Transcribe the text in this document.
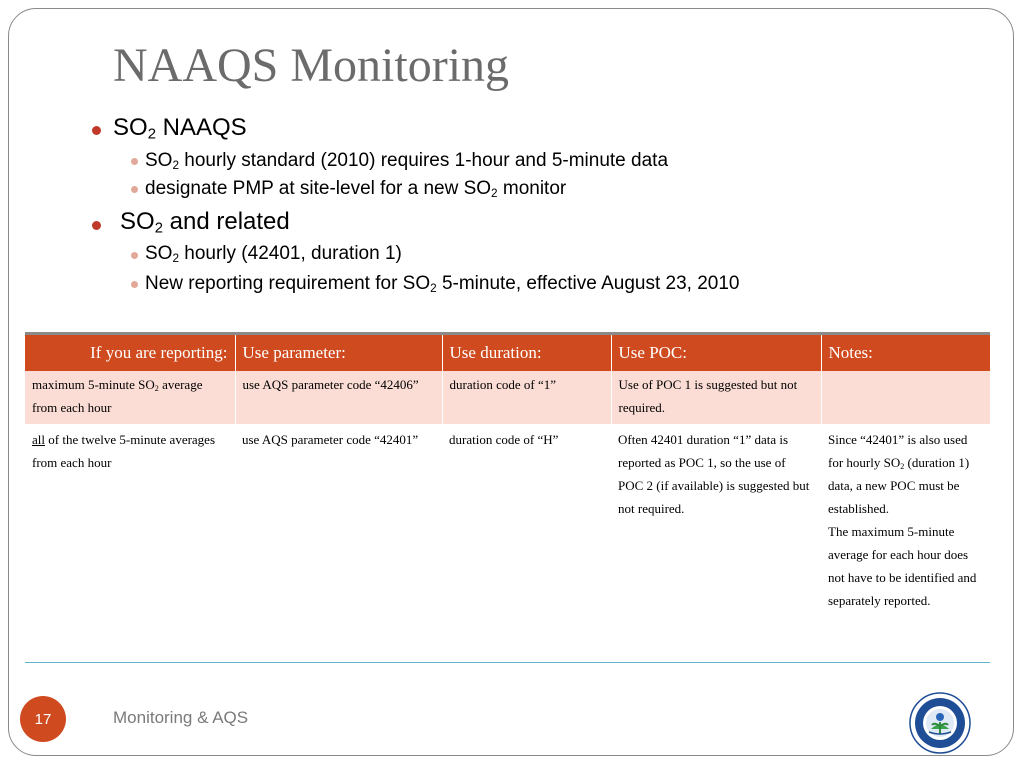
NAAQS Monitoring
$SO_2$ NAAQS
$SO_2$ hourly standard (2010) requires 1-hour and 5-minute data
designate PMP at site-level for a new $SO_2$ monitor
$SO_2$ and related
$SO_2$ hourly (42401, duration 1)
New reporting requirement for $SO_2$ 5-minute, effective August 23, 2010
If you are reporting:	Use parameter:	Use duration:	Use POC:	Notes:
maximum 5-minute $SO_2$ average from each hour	use AQS parameter code “42406”	duration code of “1”	Use of POC 1 is suggested but not required.	
all of the twelve 5-minute averages from each hour	use AQS parameter code “42401”	duration code of “H”	Often 42401 duration “1” data is reported as POC 1, so the use of POC 2 (if available) is suggested but not required.	Since “42401” is also used for hourly $SO_2$ (duration 1) data, a new POC must be established.
The maximum 5-minute average for each hour does not have to be identified and separately reported.
17	Monitoring & AQS
